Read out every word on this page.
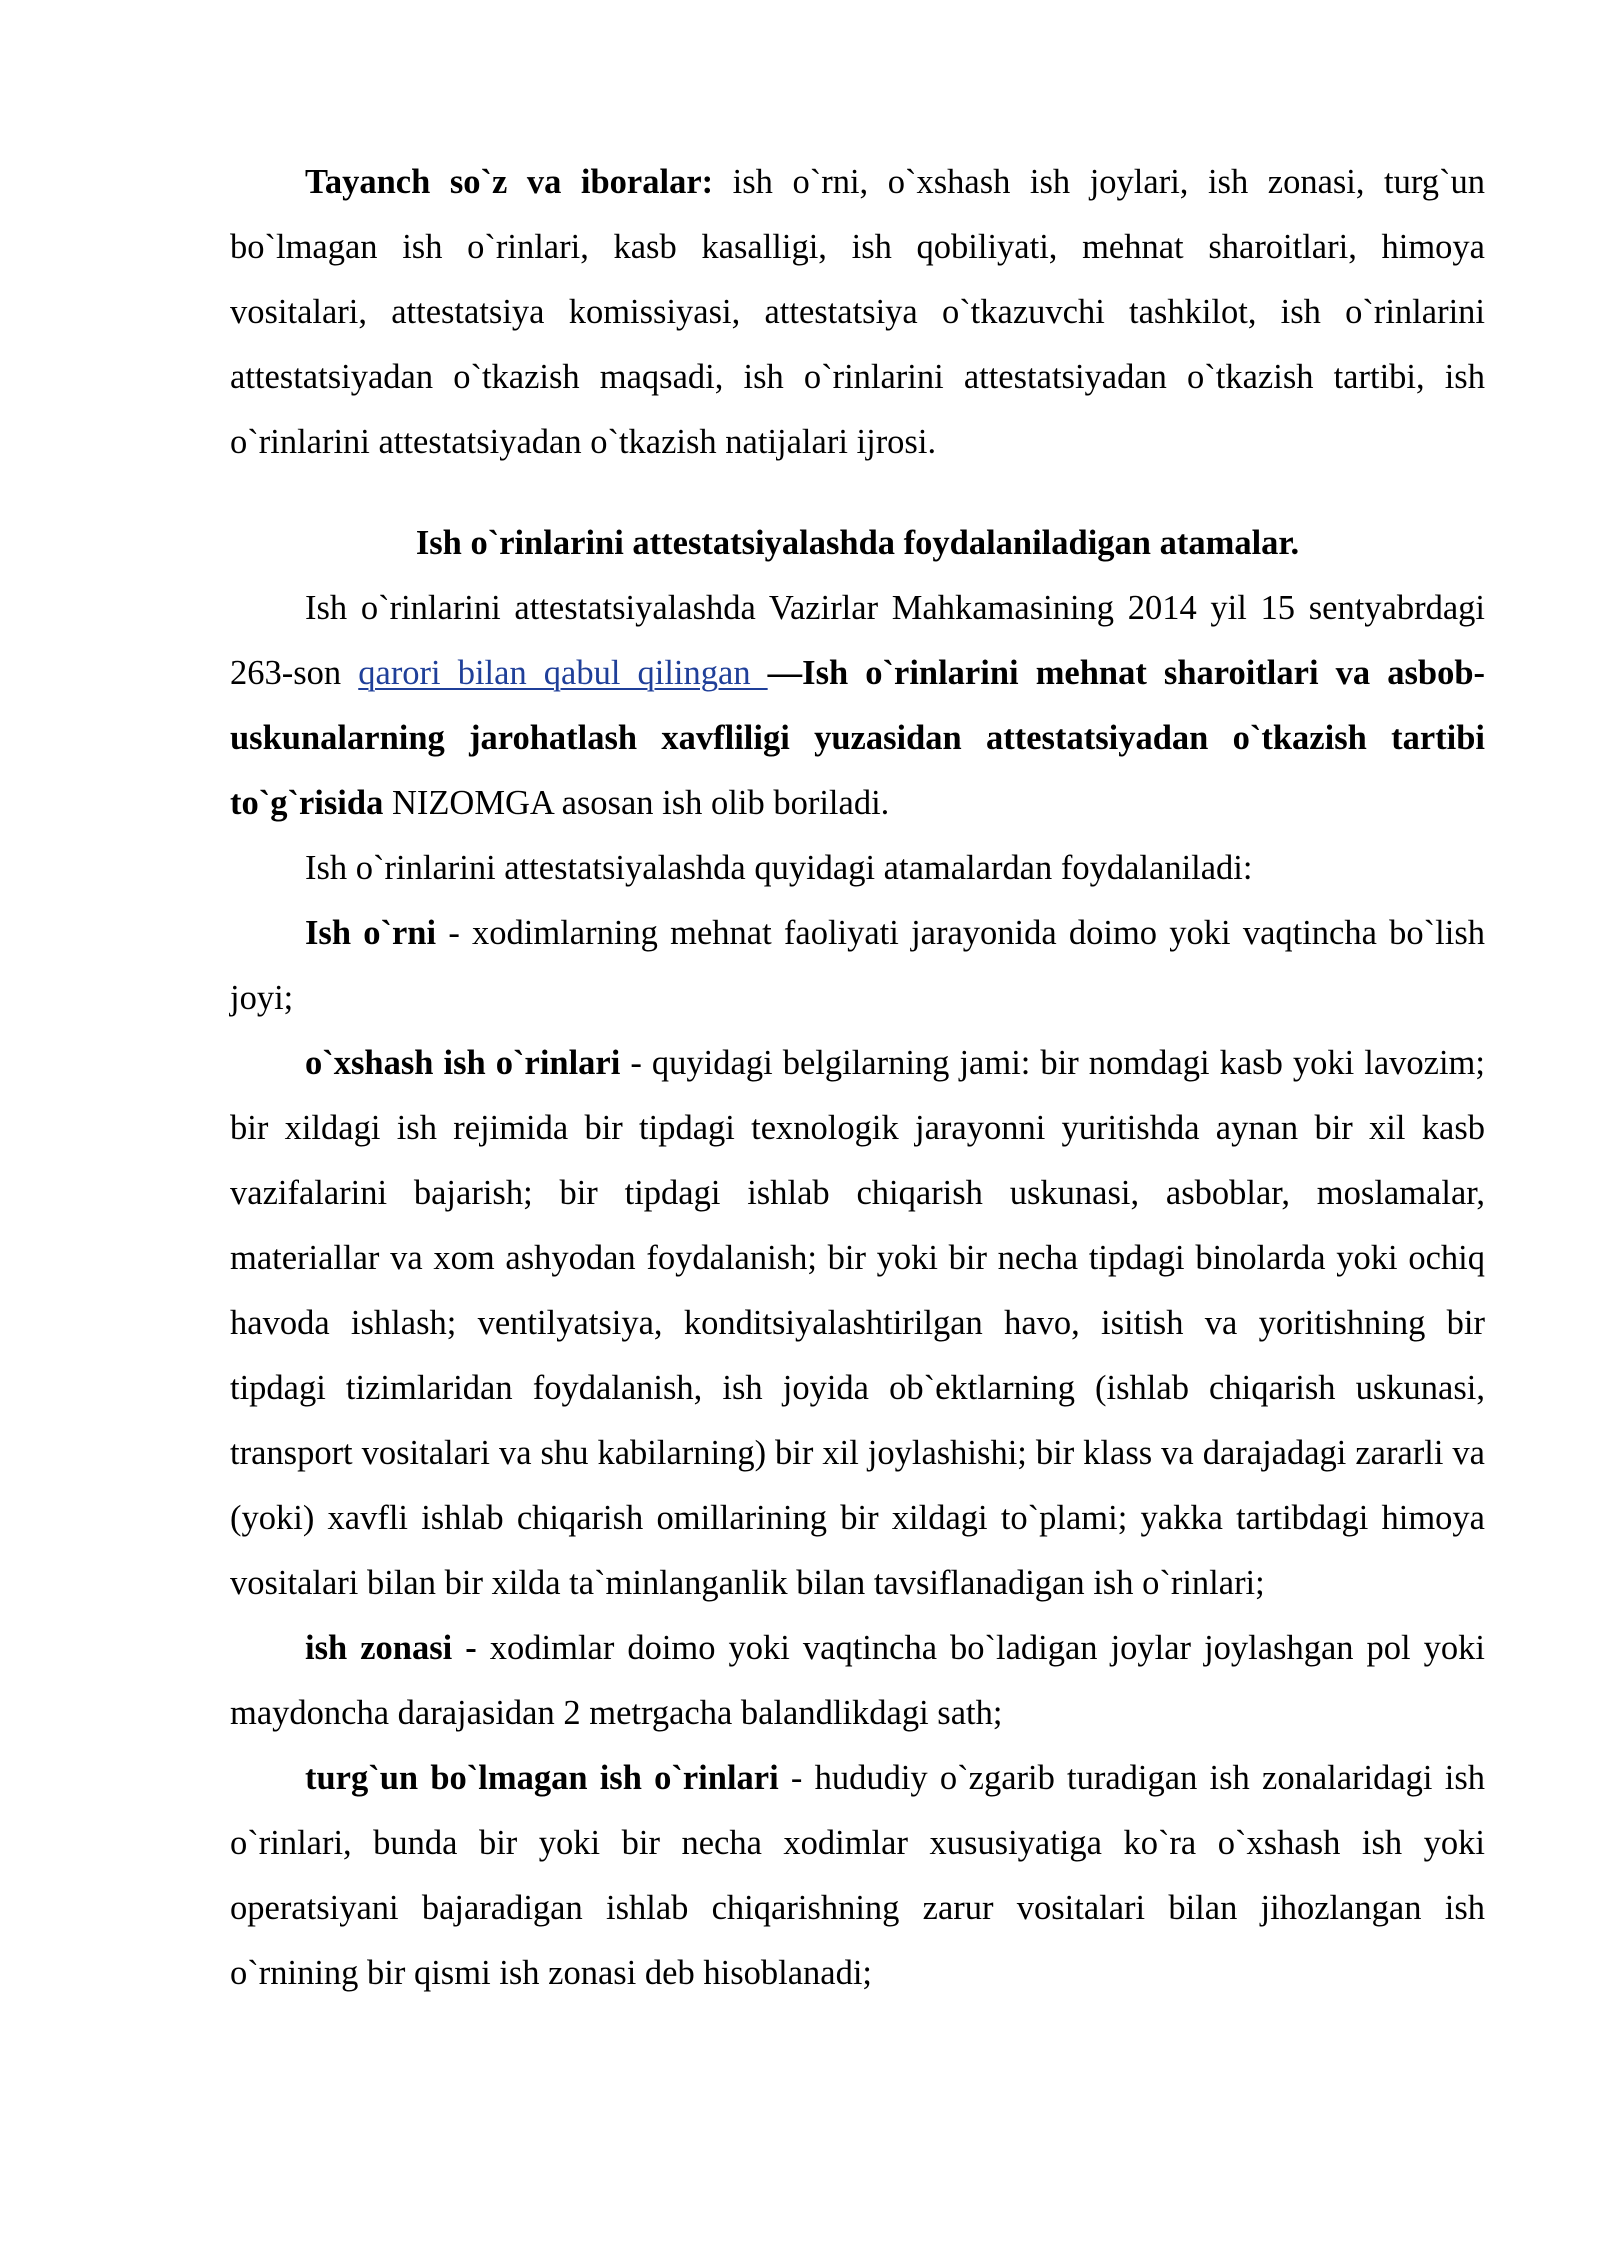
Tayanch so`z va iboralar: ish o`rni, o`xshash ish joylari, ish zonasi, turg`un bo`lmagan ish o`rinlari, kasb kasalligi, ish qobiliyati, mehnat sharoitlari, himoya vositalari, attestatsiya komissiyasi, attestatsiya o`tkazuvchi tashkilot, ish o`rinlarini attestatsiyadan o`tkazish maqsadi, ish o`rinlarini attestatsiyadan o`tkazish tartibi, ish o`rinlarini attestatsiyadan o`tkazish natijalari ijrosi.

Ish o`rinlarini attestatsiyalashda foydalaniladigan atamalar.

Ish o`rinlarini attestatsiyalashda Vazirlar Mahkamasining 2014 yil 15 sentyabrdagi 263-son qarori bilan qabul qilingan —Ish o`rinlarini mehnat sharoitlari va asbob-uskunalarning jarohatlash xavfliligi yuzasidan attestatsiyadan o`tkazish tartibi to`g`risida NIZOMGA asosan ish olib boriladi.

Ish o`rinlarini attestatsiyalashda quyidagi atamalardan foydalaniladi:

Ish o`rni - xodimlarning mehnat faoliyati jarayonida doimo yoki vaqtincha bo`lish joyi;

o`xshash ish o`rinlari - quyidagi belgilarning jami: bir nomdagi kasb yoki lavozim; bir xildagi ish rejimida bir tipdagi texnologik jarayonni yuritishda aynan bir xil kasb vazifalarini bajarish; bir tipdagi ishlab chiqarish uskunasi, asboblar, moslamalar, materiallar va xom ashyodan foydalanish; bir yoki bir necha tipdagi binolarda yoki ochiq havoda ishlash; ventilyatsiya, konditsiyalashtirilgan havo, isitish va yoritishning bir tipdagi tizimlaridan foydalanish, ish joyida ob`ektlarning (ishlab chiqarish uskunasi, transport vositalari va shu kabilarning) bir xil joylashishi; bir klass va darajadagi zararli va (yoki) xavfli ishlab chiqarish omillarining bir xildagi to`plami; yakka tartibdagi himoya vositalari bilan bir xilda ta`minlanganlik bilan tavsiflanadigan ish o`rinlari;

ish zonasi - xodimlar doimo yoki vaqtincha bo`ladigan joylar joylashgan pol yoki maydoncha darajasidan 2 metrgacha balandlikdagi sath;

turg`un bo`lmagan ish o`rinlari - hududiy o`zgarib turadigan ish zonalaridagi ish o`rinlari, bunda bir yoki bir necha xodimlar xususiyatiga ko`ra o`xshash ish yoki operatsiyani bajaradigan ishlab chiqarishning zarur vositalari bilan jihozlangan ish o`rnining bir qismi ish zonasi deb hisoblanadi;
